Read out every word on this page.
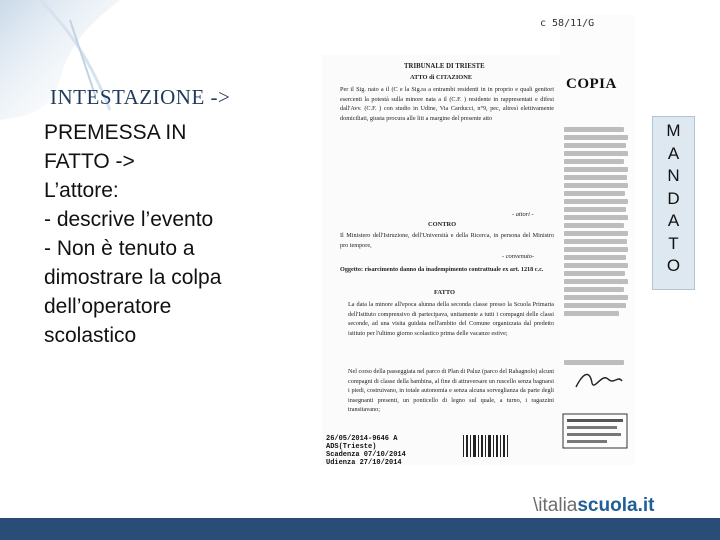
INTESTAZIONE ->
PREMESSA IN
FATTO ->
L’attore:
- descrive l’evento
- Non è tenuto a
dimostrare la colpa
dell’operatore
scolastico
TRIBUNALE DI TRIESTE
ATTO di CITAZIONE
Per il Sig. nato a il (C e la Sig.ra a entrambi residenti in in proprio e quali genitori esercenti la potestà sulla minore nata a il (C.F. ) residente in rappresentati e difesi dall'Avv. (C.F. ) con studio in Udine, Via Carducci, n°9, pec, altresì elettivamente domiciliati, giusta procura alle liti a margine del presente atto
- attori -
CONTRO
Il Ministero dell'Istruzione, dell'Università e della Ricerca, in persona del Ministro pro tempore,
- convenuto-
Oggetto: risarcimento danno da inadempimento contrattuale ex art. 1218 c.c.
FATTO
La data la minore all'epoca alunna della seconda classe presso la Scuola Primaria dell'Istituto comprensivo di partecipava, unitamente a tutti i compagni delle classi seconde, ad una visita guidata nell'ambito del Comune organizzata dal predetto istituto per l'ultimo giorno scolastico prima delle vacanze estive;
Nel corso della passeggiata nel parco di Plan di Paluz (parco del Rahagnolo) alcuni compagni di classe della bambina, al fine di attraversare un ruscello senza bagnarsi i piedi, costruivano, in totale autonomia e senza alcuna sorveglianza da parte degli insegnanti presenti, un ponticello di legno sul quale, a turno, i ragazzini transitavano;
26/05/2014-9646 A
ADS(Trieste)
Scadenza 07/10/2014
Udienza 27/10/2014
c 58/11/G
COPIA
M
A
N
D
A
T
O
\italiascuola.it
